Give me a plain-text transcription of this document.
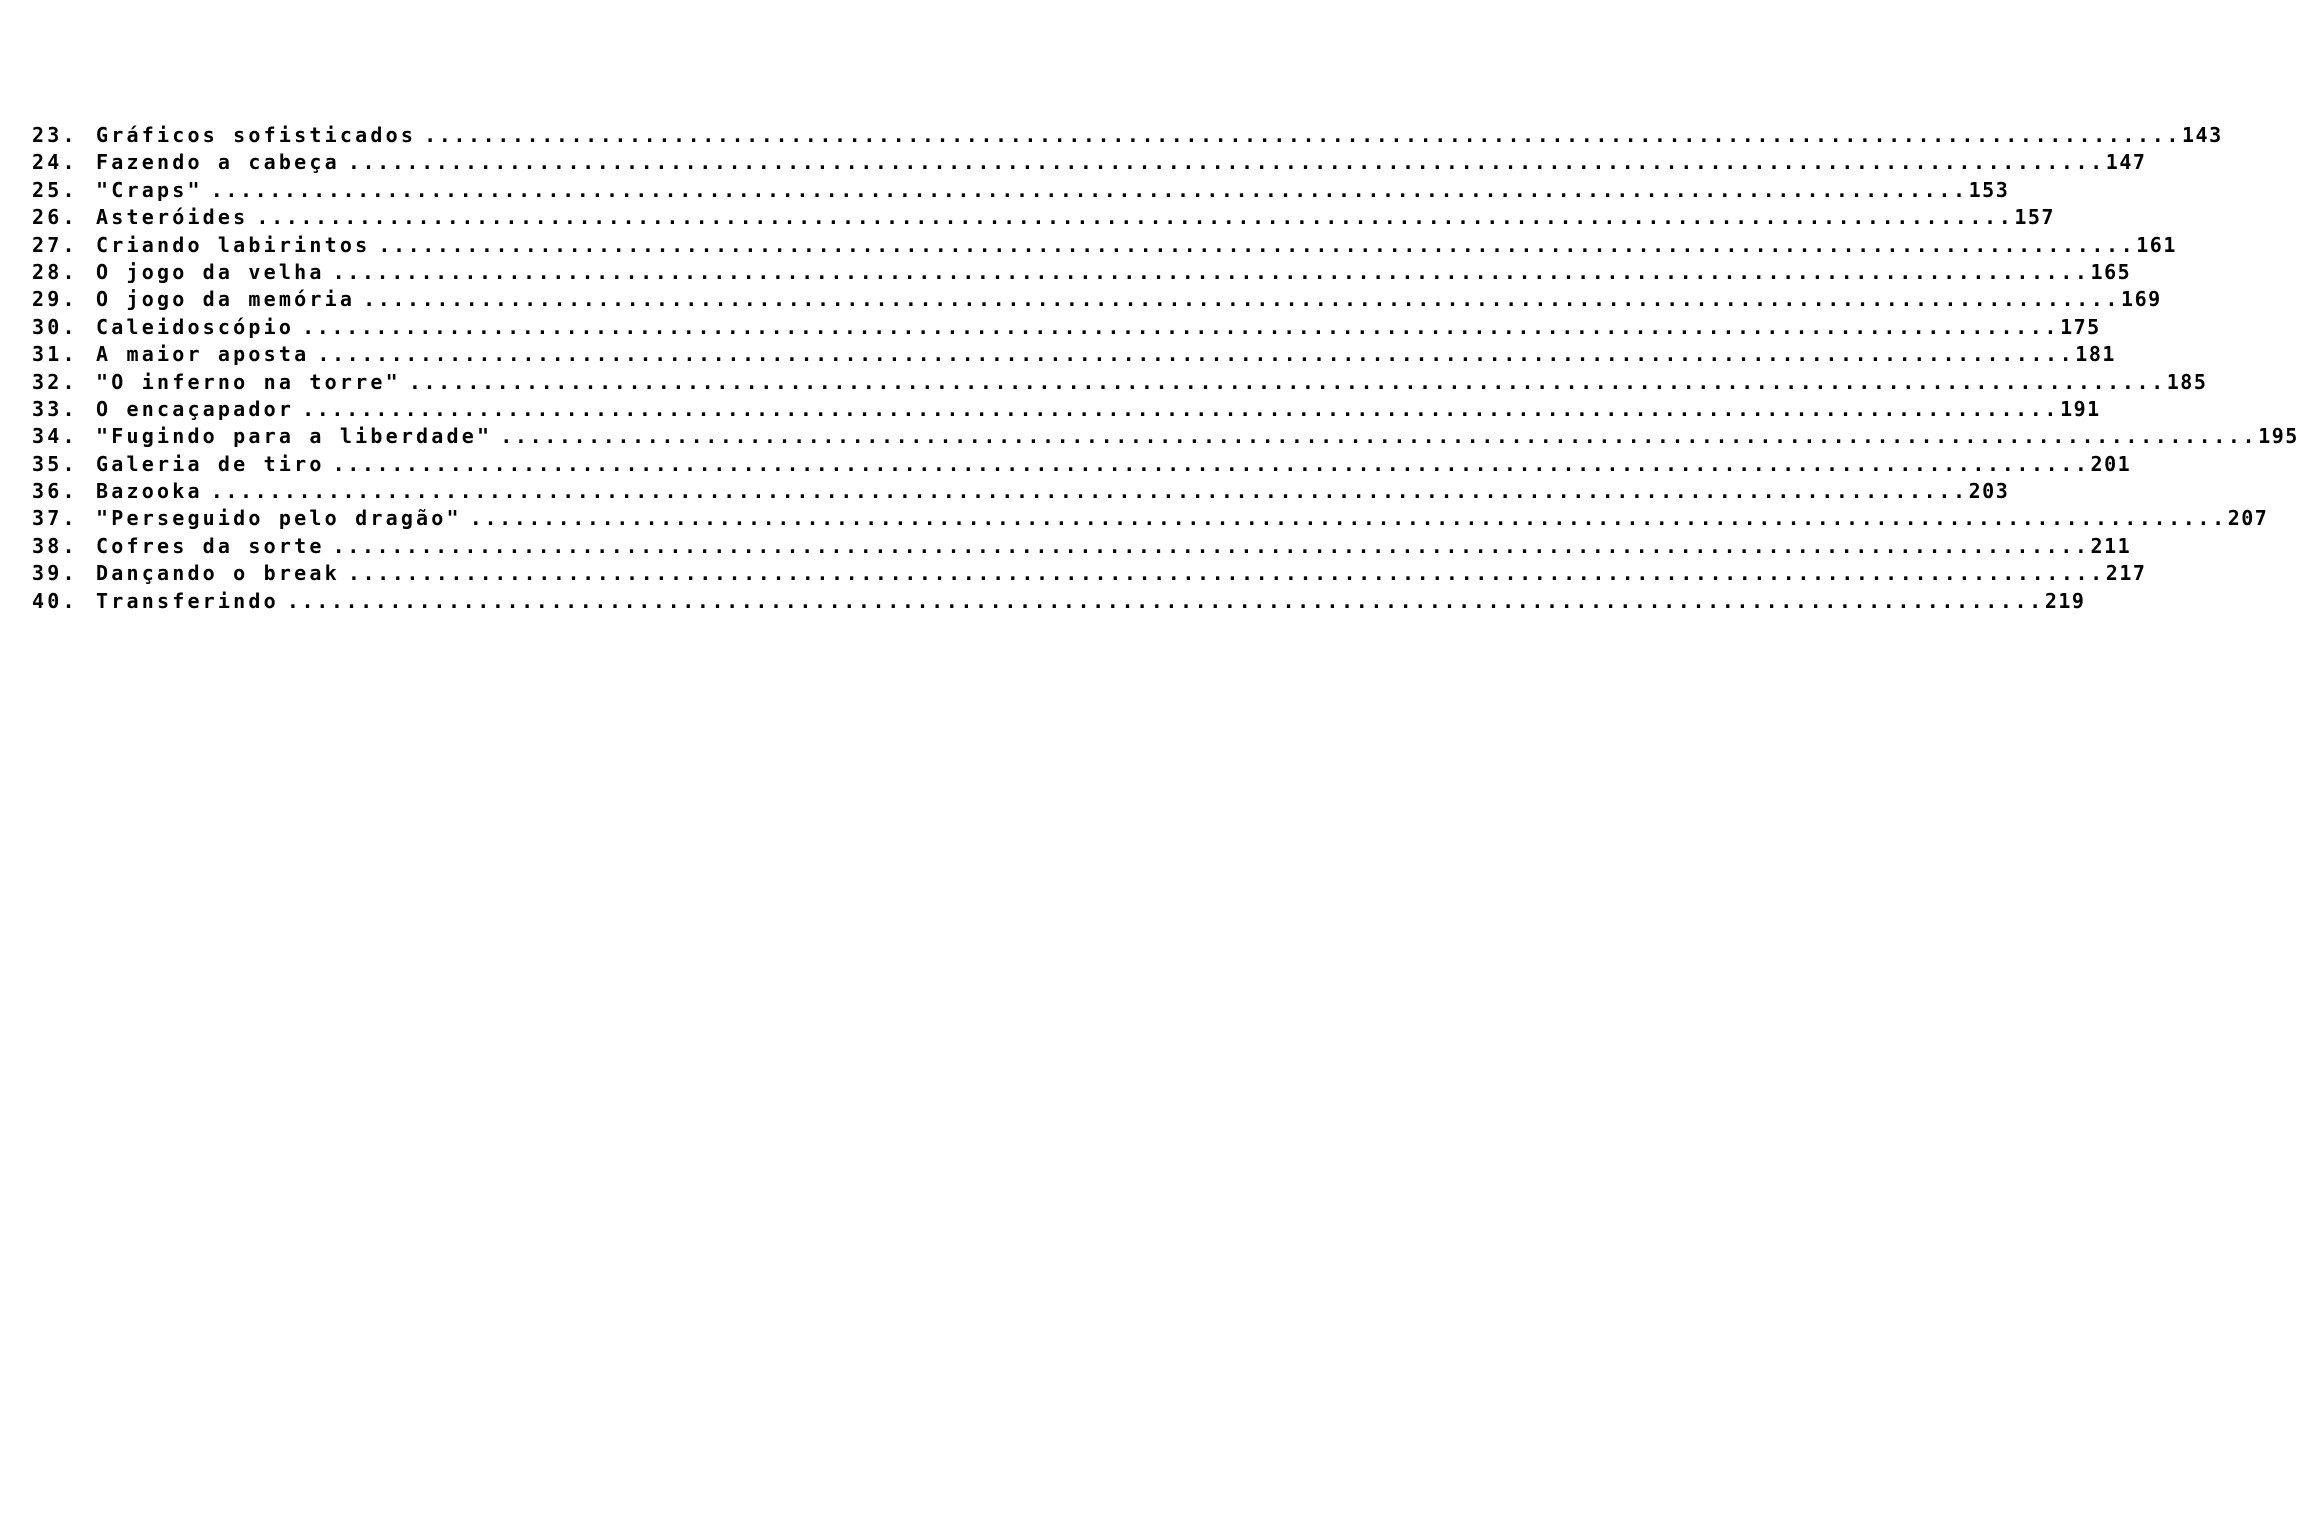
23. Gráficos sofisticados ........................................................................................................................ 143
24. Fazendo a cabeça ........................................................................................................................ 147
25. "Craps" ........................................................................................................................ 153
26. Asteróides ........................................................................................................................ 157
27. Criando labirintos ........................................................................................................................ 161
28. O jogo da velha ........................................................................................................................ 165
29. O jogo da memória ........................................................................................................................ 169
30. Caleidoscópio ........................................................................................................................ 175
31. A maior aposta ........................................................................................................................ 181
32. "O inferno na torre" ........................................................................................................................ 185
33. O encaçapador ........................................................................................................................ 191
34. "Fugindo para a liberdade" ........................................................................................................................ 195
35. Galeria de tiro ........................................................................................................................ 201
36. Bazooka ........................................................................................................................ 203
37. "Perseguido pelo dragão" ........................................................................................................................ 207
38. Cofres da sorte ........................................................................................................................ 211
39. Dançando o break ........................................................................................................................ 217
40. Transferindo ........................................................................................................................ 219
